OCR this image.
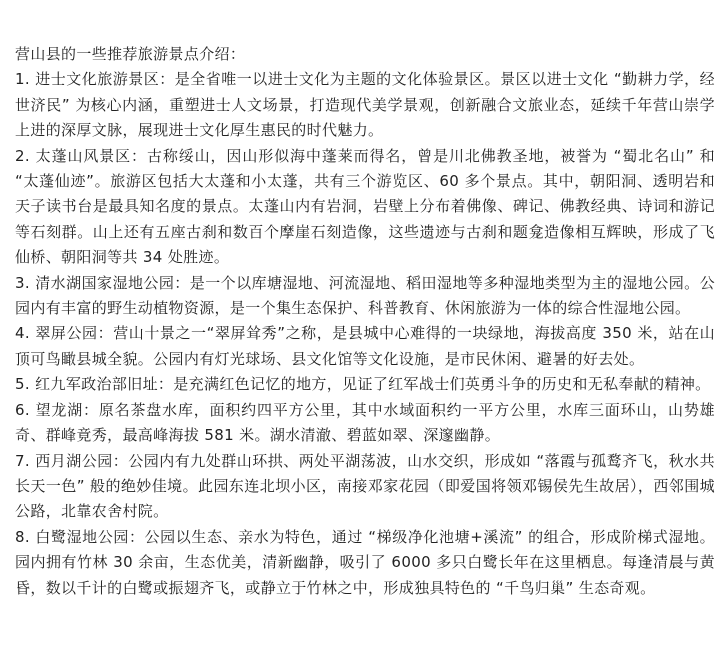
营山县的一些推荐旅游景点介绍：

1. 进士文化旅游景区：是全省唯一以进士文化为主题的文化体验景区。景区以进士文化 “勤耕力学，经世济民” 为核心内涵，重塑进士人文场景，打造现代美学景观，创新融合文旅业态，延续千年营山崇学上进的深厚文脉，展现进士文化厚生惠民的时代魅力。

2. 太蓬山风景区：古称绥山，因山形似海中蓬莱而得名，曾是川北佛教圣地，被誉为 “蜀北名山” 和 “太蓬仙迹”。旅游区包括大太蓬和小太蓬，共有三个游览区、60 多个景点。其中，朝阳洞、透明岩和天子读书台是最具知名度的景点。太蓬山内有岩洞，岩壁上分布着佛像、碑记、佛教经典、诗词和游记等石刻群。山上还有五座古刹和数百个摩崖石刻造像，这些遗迹与古刹和题龛造像相互辉映，形成了飞仙桥、朝阳洞等共 34 处胜迹。

3. 清水湖国家湿地公园：是一个以库塘湿地、河流湿地、稻田湿地等多种湿地类型为主的湿地公园。公园内有丰富的野生动植物资源，是一个集生态保护、科普教育、休闲旅游为一体的综合性湿地公园。

4. 翠屏公园：营山十景之一“翠屏耸秀”之称，是县城中心难得的一块绿地，海拔高度 350 米，站在山顶可鸟瞰县城全貌。公园内有灯光球场、县文化馆等文化设施，是市民休闲、避暑的好去处。

5. 红九军政治部旧址：是充满红色记忆的地方，见证了红军战士们英勇斗争的历史和无私奉献的精神。

6. 望龙湖：原名茶盘水库，面积约四平方公里，其中水域面积约一平方公里，水库三面环山，山势雄奇、群峰竟秀，最高峰海拔 581 米。湖水清澈、碧蓝如翠、深邃幽静。

7. 西月湖公园：公园内有九处群山环拱、两处平湖荡波，山水交织，形成如 “落霞与孤鹜齐飞，秋水共长天一色” 般的绝妙佳境。此园东连北坝小区，南接邓家花园（即爱国将领邓锡侯先生故居），西邻围城公路，北靠农舍村院。

8. 白鹭湿地公园：公园以生态、亲水为特色，通过 “梯级净化池塘+溪流” 的组合，形成阶梯式湿地。园内拥有竹林 30 余亩，生态优美，清新幽静，吸引了 6000 多只白鹭长年在这里栖息。每逢清晨与黄昏，数以千计的白鹭或振翅齐飞，或静立于竹林之中，形成独具特色的 “千鸟归巢” 生态奇观。
